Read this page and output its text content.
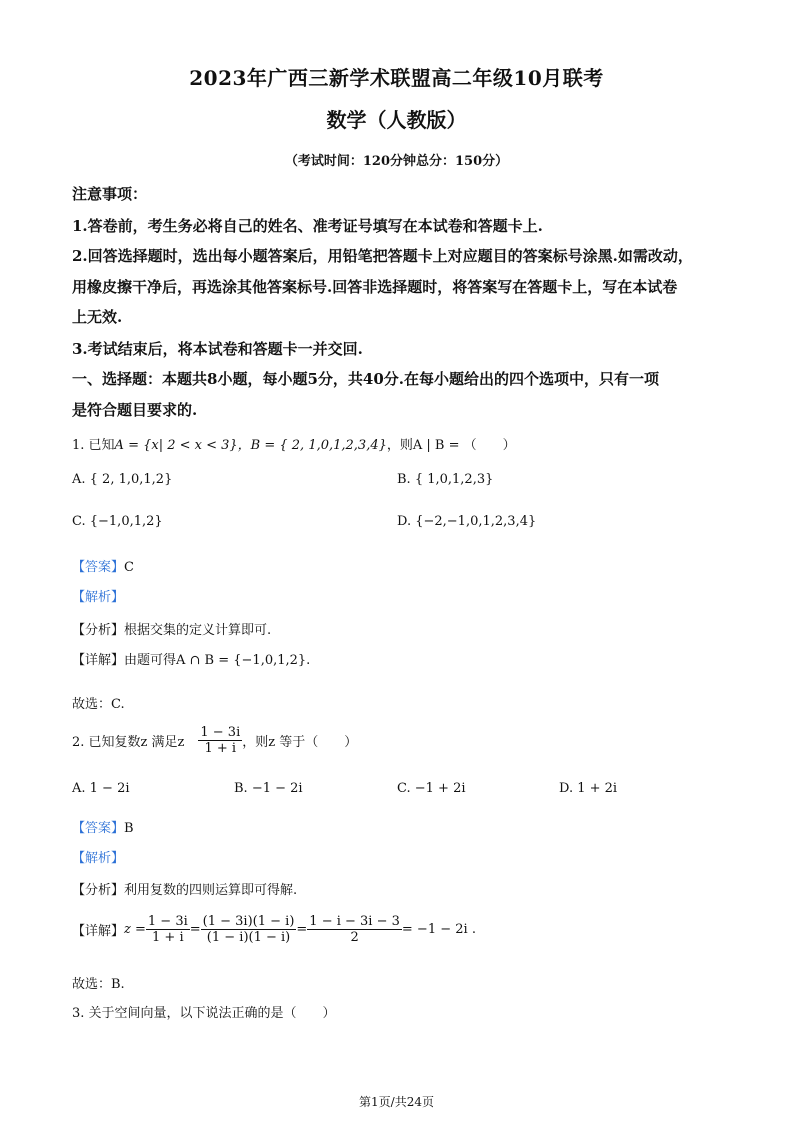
2023年广西三新学术联盟高二年级10月联考
数学（人教版）
（考试时间：120分钟总分：150分）
注意事项：
1.答卷前，考生务必将自己的姓名、准考证号填写在本试卷和答题卡上.
2.回答选择题时，选出每小题答案后，用铅笔把答题卡上对应题目的答案标号涂黑.如需改动，
用橡皮擦干净后，再选涂其他答案标号.回答非选择题时，将答案写在答题卡上，写在本试卷
上无效.
3.考试结束后，将本试卷和答题卡一并交回.
一、选择题：本题共8小题，每小题5分，共40分.在每小题给出的四个选项中，只有一项
是符合题目要求的.
1. 已知A = {x| 2 < x < 3}，B = { 2, 1,0,1,2,3,4}，则A | B = （　　）
A. { 2, 1,0,1,2}	B. { 1,0,1,2,3}
C. {−1,0,1,2}	D. {−2,−1,0,1,2,3,4}
【答案】C
【解析】
【分析】根据交集的定义计算即可.
【详解】由题可得A ∩ B = {−1,0,1,2}.
故选：C.
2. 已知复数z 满足z $\frac{1 - 3i}{1 + i}$ ，则z 等于（　　）
A. 1 − 2i	B. −1 − 2i	C. −1 + 2i	D. 1 + 2i
【答案】B
【解析】
【分析】利用复数的四则运算即可得解.
【详解】 $z = \frac{1 - 3i}{1 + i} = \frac{(1 - 3i)(1 - i)}{(1 - i)(1 - i)} = \frac{1 - i - 3i - 3}{2} = -1 - 2i$ .
故选：B.
3. 关于空间向量，以下说法正确的是（　　）
第1页/共24页
